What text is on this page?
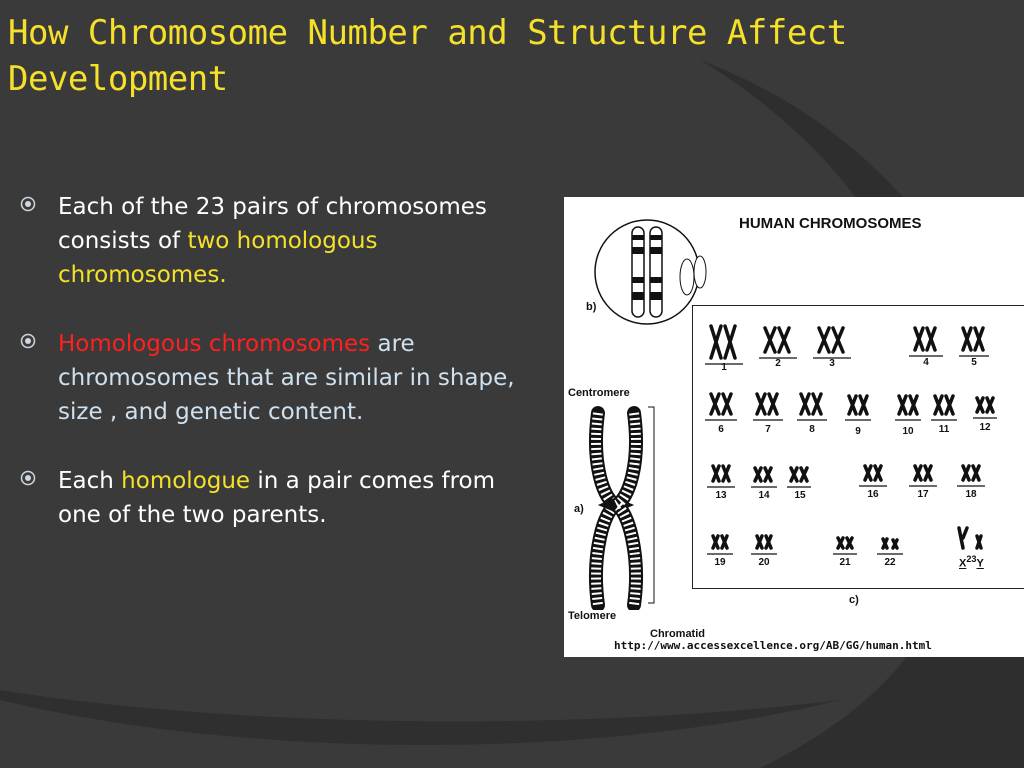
How Chromosome Number and Structure Affect Development
Each of the 23 pairs of chromosomes consists of two homologous chromosomes.
Homologous chromosomes are chromosomes that are similar in shape, size , and genetic content.
Each homologue in a pair comes from one of the two parents.
HUMAN CHROMOSOMES
b)
Centromere
a)
Telomere
Chromatid
1	2	3	4	5
6	7	8	9	10	11	12
13	14	15	16	17	18
19	20	21	22	$X^{23}Y$
c)
http://www.accessexcellence.org/AB/GG/human.html
